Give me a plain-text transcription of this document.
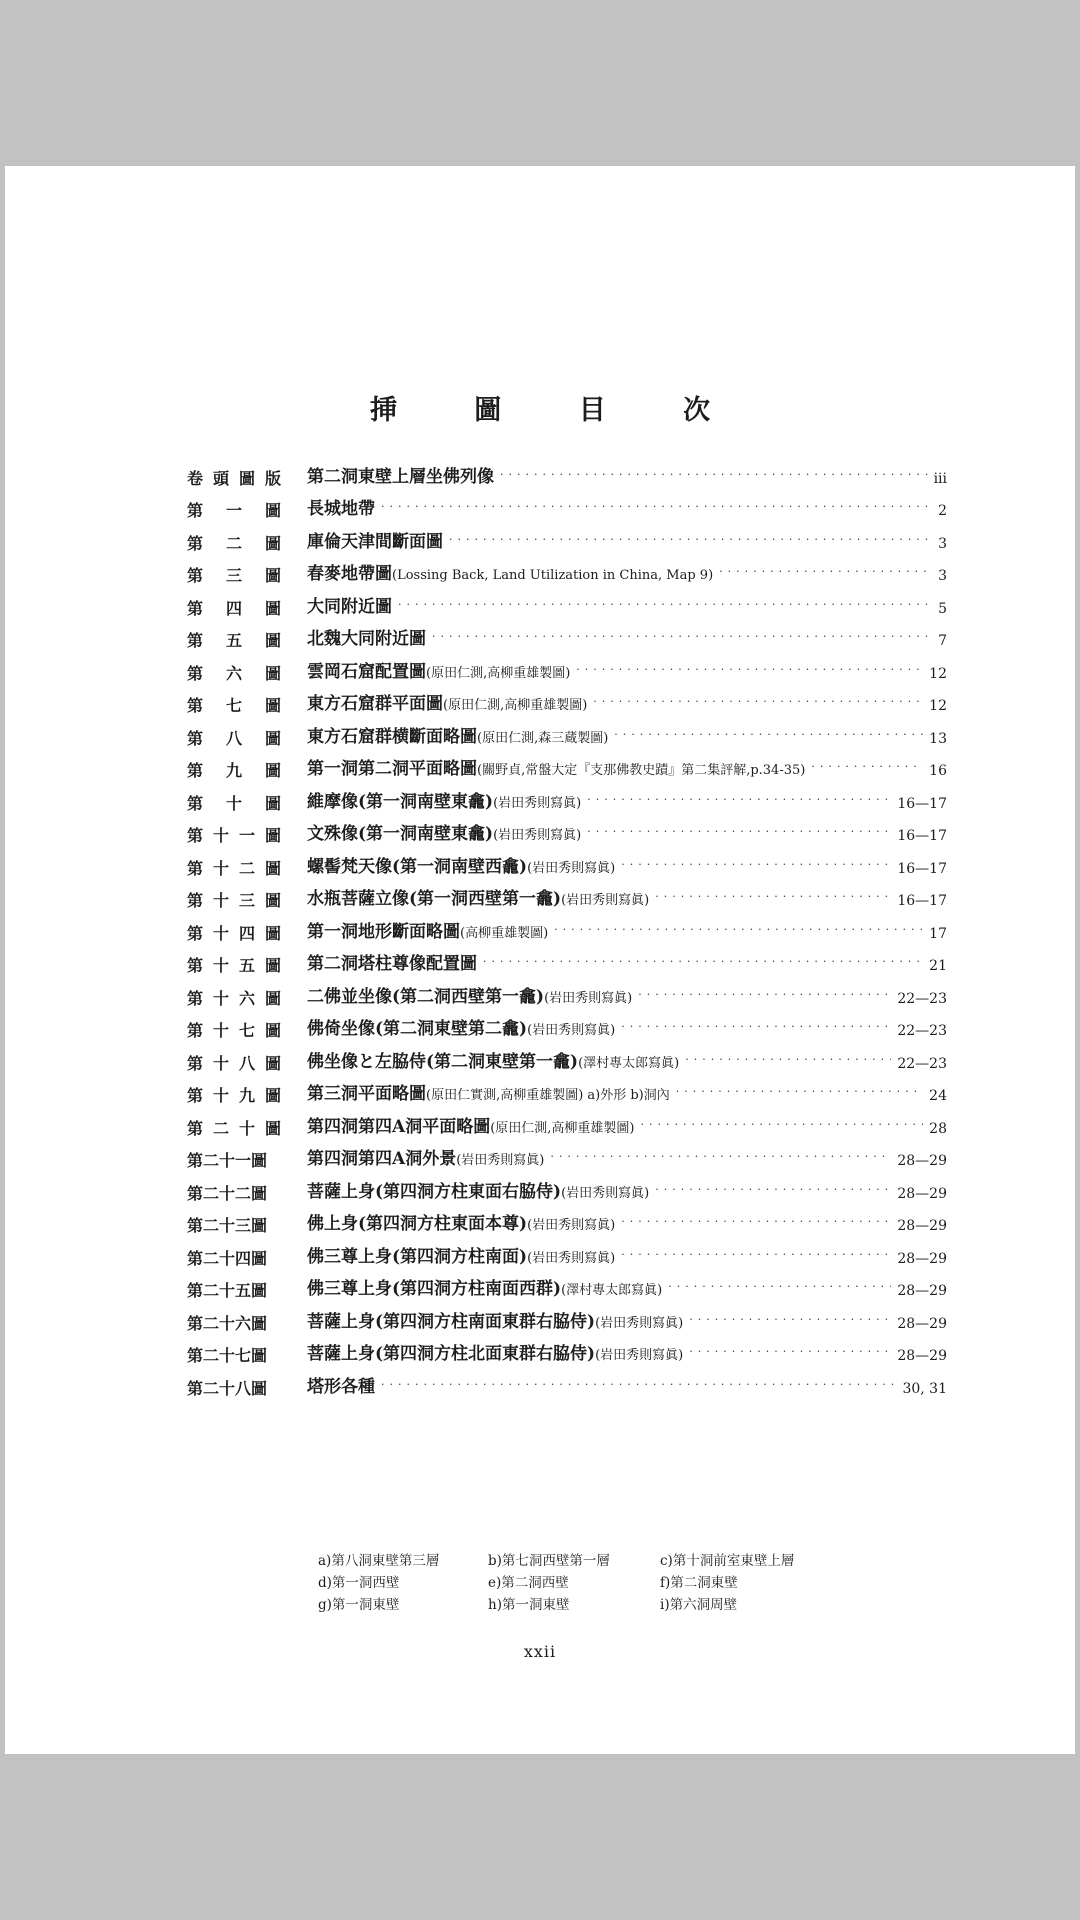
挿 圖 目 次
卷 頭 圖 版 第二洞東壁上層坐佛列像 ·····	iii
第 一 圖 長城地帶 ·····	2
第 二 圖 庫倫天津間斷面圖 ·····	3
第 三 圖 春麥地帶圖(Lossing Back, Land Utilization in China, Map 9) ·····	3
第 四 圖 大同附近圖 ·····	5
第 五 圖 北魏大同附近圖 ·····	7
第 六 圖 雲岡石窟配置圖(原田仁測,高柳重雄製圖) ·····	12
第 七 圖 東方石窟群平面圖(原田仁測,高柳重雄製圖) ·····	12
第 八 圖 東方石窟群横斷面略圖(原田仁測,森三蔵製圖) ·····	13
第 九 圖 第一洞第二洞平面略圖(關野貞,常盤大定『支那佛教史蹟』第二集評解,p.34-35) ·····	16
第 十 圖 維摩像(第一洞南壁東龕)(岩田秀則寫眞) ·····	16—17
第 十 一 圖 文殊像(第一洞南壁東龕)(岩田秀則寫眞) ·····	16—17
第 十 二 圖 螺髻梵天像(第一洞南壁西龕)(岩田秀則寫眞) ·····	16—17
第 十 三 圖 水瓶菩薩立像(第一洞西壁第一龕)(岩田秀則寫眞) ·····	16—17
第 十 四 圖 第一洞地形斷面略圖(高柳重雄製圖) ·····	17
第 十 五 圖 第二洞塔柱尊像配置圖 ·····	21
第 十 六 圖 二佛並坐像(第二洞西壁第一龕)(岩田秀則寫眞) ·····	22—23
第 十 七 圖 佛倚坐像(第二洞東壁第二龕)(岩田秀則寫眞) ·····	22—23
第 十 八 圖 佛坐像と左脇侍(第二洞東壁第一龕)(澤村專太郎寫眞) ·····	22—23
第 十 九 圖 第三洞平面略圖(原田仁實測,高柳重雄製圖) a)外形 b)洞內 ·····	24
第 二 十 圖 第四洞第四A洞平面略圖(原田仁測,高柳重雄製圖) ·····	28
第二十一圖	第四洞第四A洞外景(岩田秀則寫眞) ·····	28—29
第二十二圖	菩薩上身(第四洞方柱東面右脇侍)(岩田秀則寫眞) ·····	28—29
第二十三圖	佛上身(第四洞方柱東面本尊)(岩田秀則寫眞) ·····	28—29
第二十四圖	佛三尊上身(第四洞方柱南面)(岩田秀則寫眞) ·····	28—29
第二十五圖	佛三尊上身(第四洞方柱南面西群)(澤村專太郎寫眞) ·····	28—29
第二十六圖	菩薩上身(第四洞方柱南面東群右脇侍)(岩田秀則寫眞) ·····	28—29
第二十七圖	菩薩上身(第四洞方柱北面東群右脇侍)(岩田秀則寫眞) ·····	28—29
第二十八圖	塔形各種 ·····	30, 31
a)第八洞東壁第三層	b)第七洞西壁第一層	c)第十洞前室東壁上層
d)第一洞西壁	e)第二洞西壁	f)第二洞東壁
g)第一洞東壁	h)第一洞東壁	i)第六洞周壁
xxii
